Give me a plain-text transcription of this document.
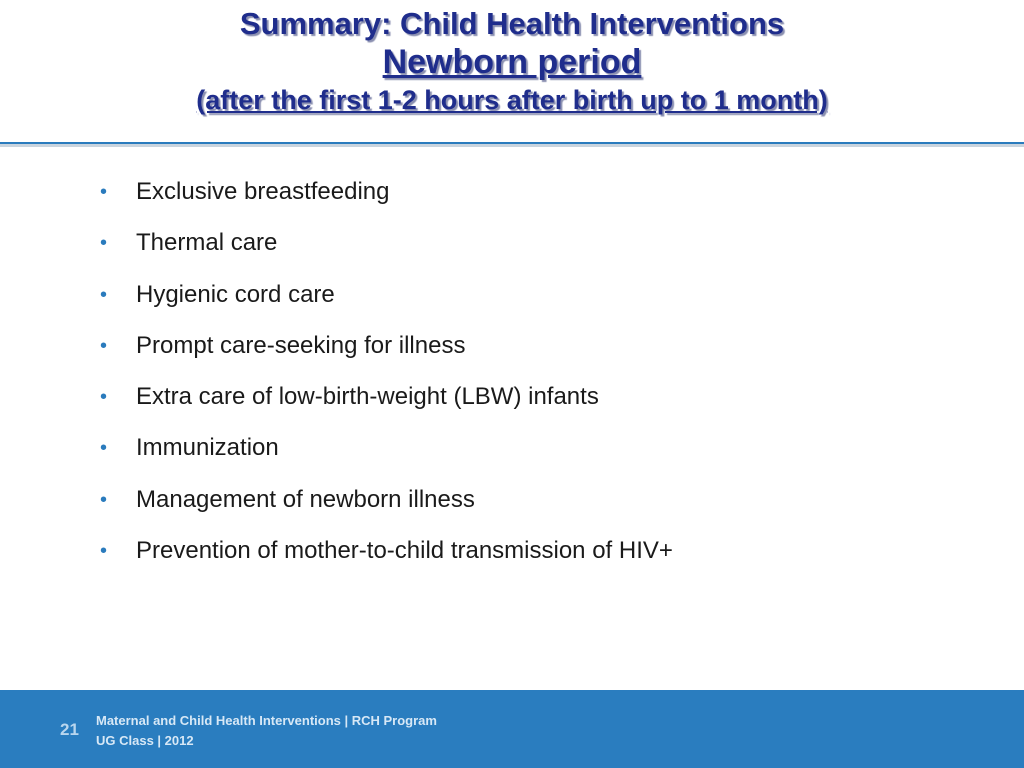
Summary: Child Health Interventions
Newborn period
(after the first 1-2 hours after birth up to 1 month)
• Exclusive breastfeeding
• Thermal care
• Hygienic cord care
• Prompt care-seeking for illness
• Extra care of low-birth-weight (LBW) infants
• Immunization
• Management of newborn illness
• Prevention of mother-to-child transmission of HIV+
21 Maternal and Child Health Interventions | RCH Program
UG Class | 2012
